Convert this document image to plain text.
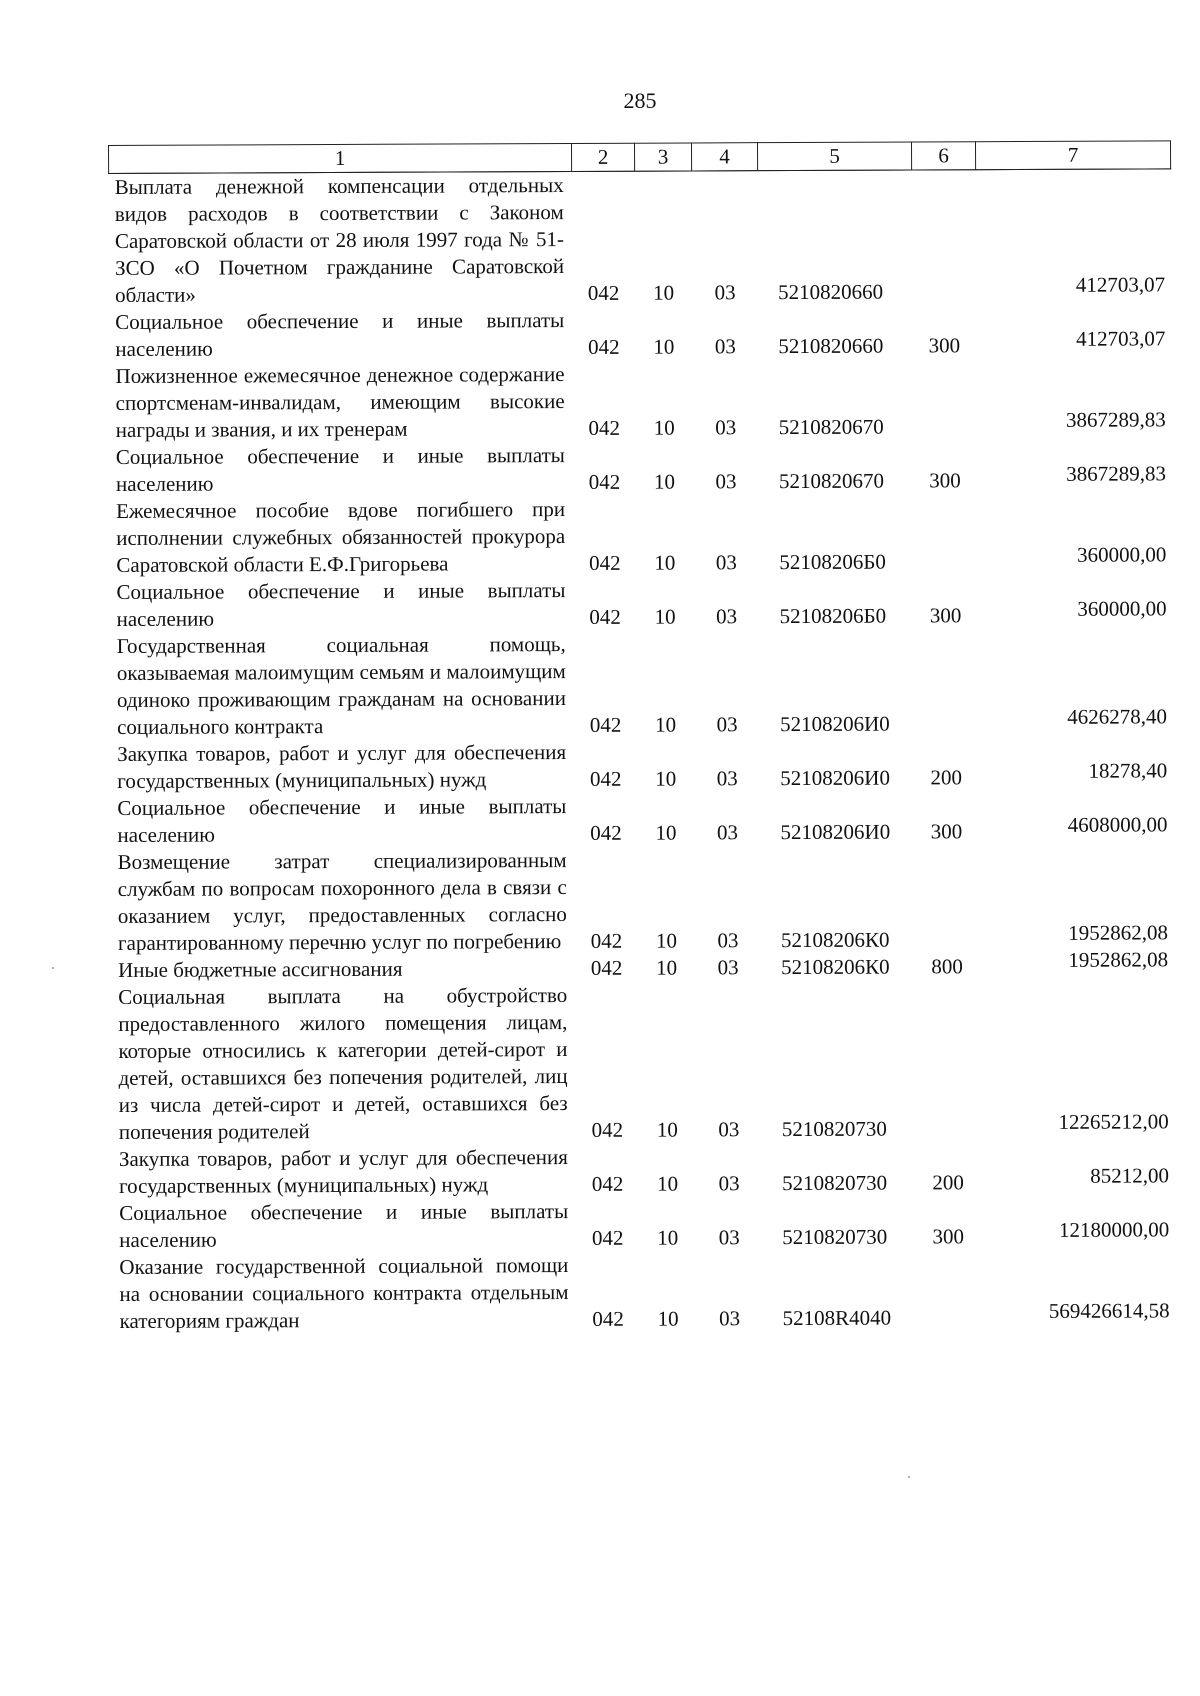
285
1	2	3	4	5	6	7
Выплата денежной компенсации отдельных видов расходов в соответствии с Законом Саратовской области от 28 июля 1997 года № 51-ЗСО «О Почетном гражданине Саратовской области»	042	10	03	5210820660		412703,07
Социальное обеспечение и иные выплаты населению	042	10	03	5210820660	300	412703,07
Пожизненное ежемесячное денежное содержание спортсменам-инвалидам, имеющим высокие награды и звания, и их тренерам	042	10	03	5210820670		3867289,83
Социальное обеспечение и иные выплаты населению	042	10	03	5210820670	300	3867289,83
Ежемесячное пособие вдове погибшего при исполнении служебных обязанностей прокурора Саратовской области Е.Ф.Григорьева	042	10	03	52108206Б0		360000,00
Социальное обеспечение и иные выплаты населению	042	10	03	52108206Б0	300	360000,00
Государственная социальная помощь, оказываемая малоимущим семьям и малоимущим одиноко проживающим гражданам на основании социального контракта	042	10	03	52108206И0		4626278,40
Закупка товаров, работ и услуг для обеспечения государственных (муниципальных) нужд	042	10	03	52108206И0	200	18278,40
Социальное обеспечение и иные выплаты населению	042	10	03	52108206И0	300	4608000,00
Возмещение затрат специализированным службам по вопросам похоронного дела в связи с оказанием услуг, предоставленных согласно гарантированному перечню услуг по погребению	042	10	03	52108206К0		1952862,08
Иные бюджетные ассигнования	042	10	03	52108206К0	800	1952862,08
Социальная выплата на обустройство предоставленного жилого помещения лицам, которые относились к категории детей-сирот и детей, оставшихся без попечения родителей, лиц из числа детей-сирот и детей, оставшихся без попечения родителей	042	10	03	5210820730		12265212,00
Закупка товаров, работ и услуг для обеспечения государственных (муниципальных) нужд	042	10	03	5210820730	200	85212,00
Социальное обеспечение и иные выплаты населению	042	10	03	5210820730	300	12180000,00
Оказание государственной социальной помощи на основании социального контракта отдельным категориям граждан	042	10	03	52108R4040		569426614,58
